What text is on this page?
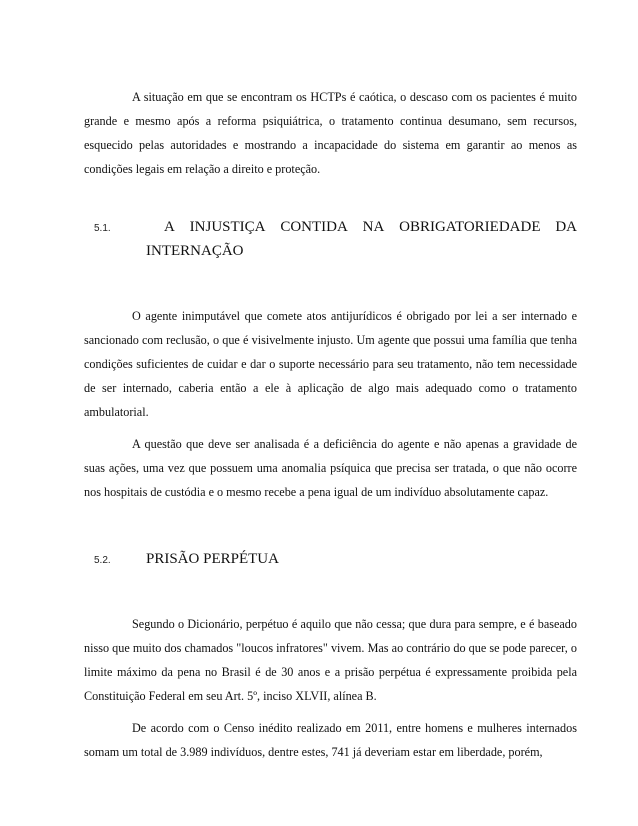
A situação em que se encontram os HCTPs é caótica, o descaso com os pacientes é muito grande e mesmo após a reforma psiquiátrica, o tratamento continua desumano, sem recursos, esquecido pelas autoridades e mostrando a incapacidade do sistema em garantir ao menos as condições legais em relação a direito e proteção.

5.1.	A INJUSTIÇA CONTIDA NA OBRIGATORIEDADE DA
INTERNAÇÃO

O agente inimputável que comete atos antijurídicos é obrigado por lei a ser internado e sancionado com reclusão, o que é visivelmente injusto. Um agente que possui uma família que tenha condições suficientes de cuidar e dar o suporte necessário para seu tratamento, não tem necessidade de ser internado, caberia então a ele à aplicação de algo mais adequado como o tratamento ambulatorial.

A questão que deve ser analisada é a deficiência do agente e não apenas a gravidade de suas ações, uma vez que possuem uma anomalia psíquica que precisa ser tratada, o que não ocorre nos hospitais de custódia e o mesmo recebe a pena igual de um indivíduo absolutamente capaz.

5.2. PRISÃO PERPÉTUA

Segundo o Dicionário, perpétuo é aquilo que não cessa; que dura para sempre, e é baseado nisso que muito dos chamados "loucos infratores" vivem. Mas ao contrário do que se pode parecer, o limite máximo da pena no Brasil é de 30 anos e a prisão perpétua é expressamente proibida pela Constituição Federal em seu Art. 5º, inciso XLVII, alínea B.

De acordo com o Censo inédito realizado em 2011, entre homens e mulheres internados somam um total de 3.989 indivíduos, dentre estes, 741 já deveriam estar em liberdade, porém,
